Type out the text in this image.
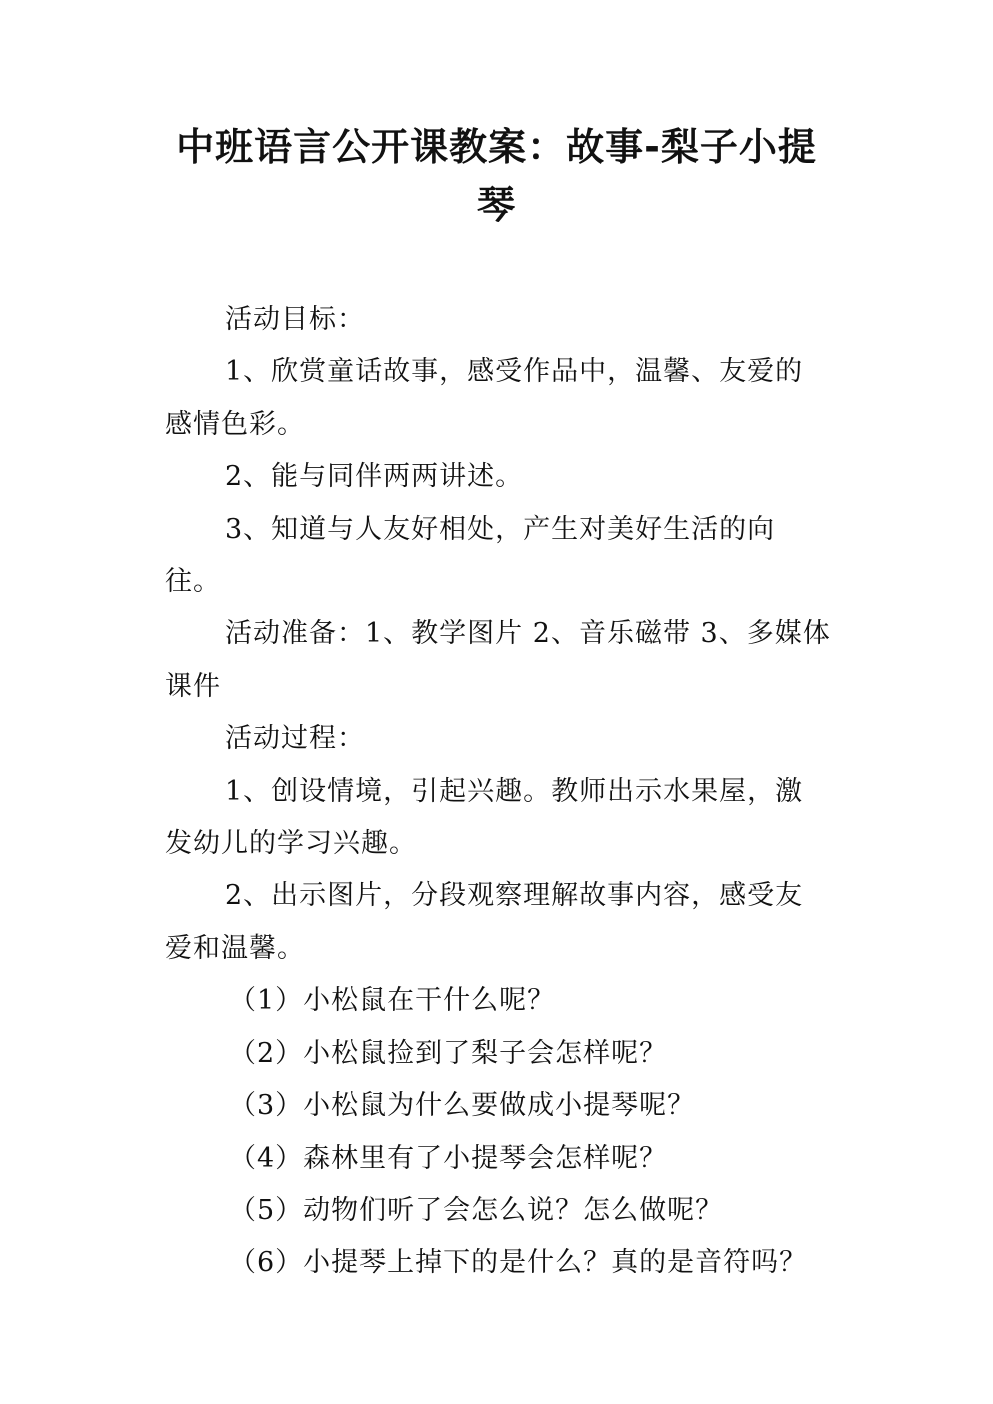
中班语言公开课教案：故事-梨子小提琴

活动目标：

1、欣赏童话故事，感受作品中，温馨、友爱的感情色彩。

2、能与同伴两两讲述。

3、知道与人友好相处，产生对美好生活的向往。

活动准备：1、教学图片 2、音乐磁带 3、多媒体课件

活动过程：

1、创设情境，引起兴趣。教师出示水果屋，激发幼儿的学习兴趣。

2、出示图片，分段观察理解故事内容，感受友爱和温馨。

（1）小松鼠在干什么呢？

（2）小松鼠捡到了梨子会怎样呢？

（3）小松鼠为什么要做成小提琴呢？

（4）森林里有了小提琴会怎样呢？

（5）动物们听了会怎么说？怎么做呢？

（6）小提琴上掉下的是什么？真的是音符吗？
